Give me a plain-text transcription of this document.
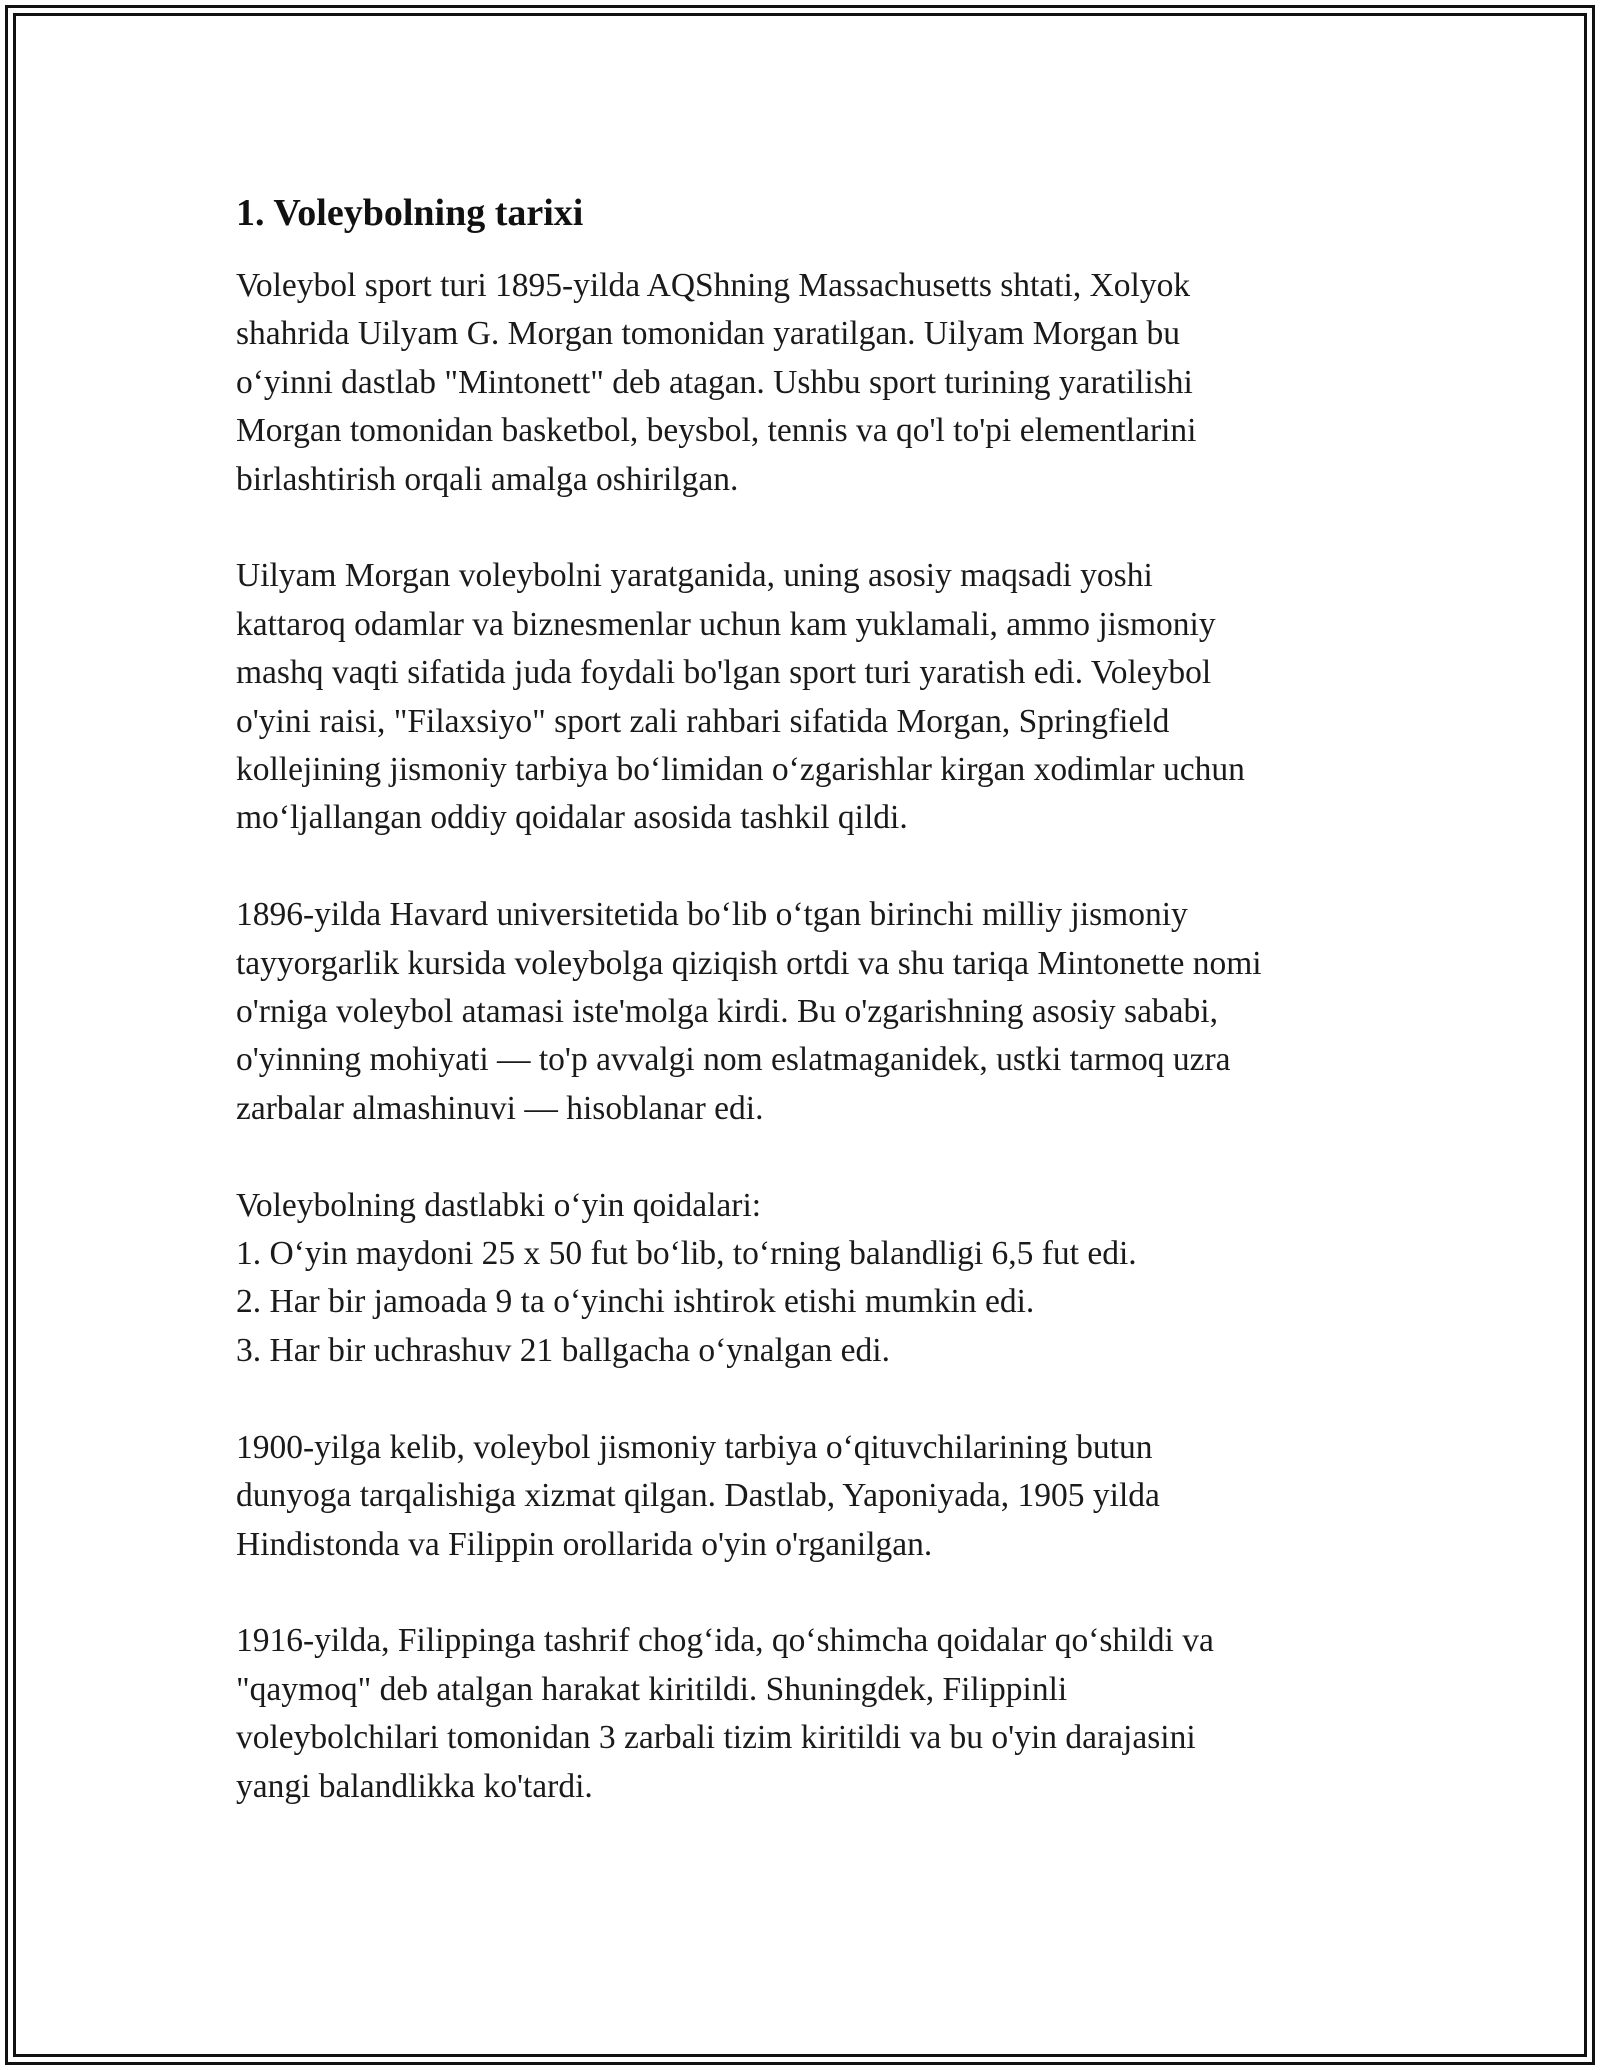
1. Voleybolning tarixi

Voleybol sport turi 1895-yilda AQShning Massachusetts shtati, Xolyok
shahrida Uilyam G. Morgan tomonidan yaratilgan. Uilyam Morgan bu
o‘yinni dastlab "Mintonett" deb atagan. Ushbu sport turining yaratilishi
Morgan tomonidan basketbol, beysbol, tennis va qo'l to'pi elementlarini
birlashtirish orqali amalga oshirilgan.

Uilyam Morgan voleybolni yaratganida, uning asosiy maqsadi yoshi
kattaroq odamlar va biznesmenlar uchun kam yuklamali, ammo jismoniy
mashq vaqti sifatida juda foydali bo'lgan sport turi yaratish edi. Voleybol
o'yini raisi, "Filaxsiyo" sport zali rahbari sifatida Morgan, Springfield
kollejining jismoniy tarbiya bo‘limidan o‘zgarishlar kirgan xodimlar uchun
mo‘ljallangan oddiy qoidalar asosida tashkil qildi.

1896-yilda Havard universitetida bo‘lib o‘tgan birinchi milliy jismoniy
tayyorgarlik kursida voleybolga qiziqish ortdi va shu tariqa Mintonette nomi
o'rniga voleybol atamasi iste'molga kirdi. Bu o'zgarishning asosiy sababi,
o'yinning mohiyati — to'p avvalgi nom eslatmaganidek, ustki tarmoq uzra
zarbalar almashinuvi — hisoblanar edi.

Voleybolning dastlabki o‘yin qoidalari:
1. O‘yin maydoni 25 x 50 fut bo‘lib, to‘rning balandligi 6,5 fut edi.
2. Har bir jamoada 9 ta o‘yinchi ishtirok etishi mumkin edi.
3. Har bir uchrashuv 21 ballgacha o‘ynalgan edi.

1900-yilga kelib, voleybol jismoniy tarbiya o‘qituvchilarining butun
dunyoga tarqalishiga xizmat qilgan. Dastlab, Yaponiyada, 1905 yilda
Hindistonda va Filippin orollarida o'yin o'rganilgan.

1916-yilda, Filippinga tashrif chog‘ida, qo‘shimcha qoidalar qo‘shildi va
"qaymoq" deb atalgan harakat kiritildi. Shuningdek, Filippinli
voleybolchilari tomonidan 3 zarbali tizim kiritildi va bu o'yin darajasini
yangi balandlikka ko'tardi.
